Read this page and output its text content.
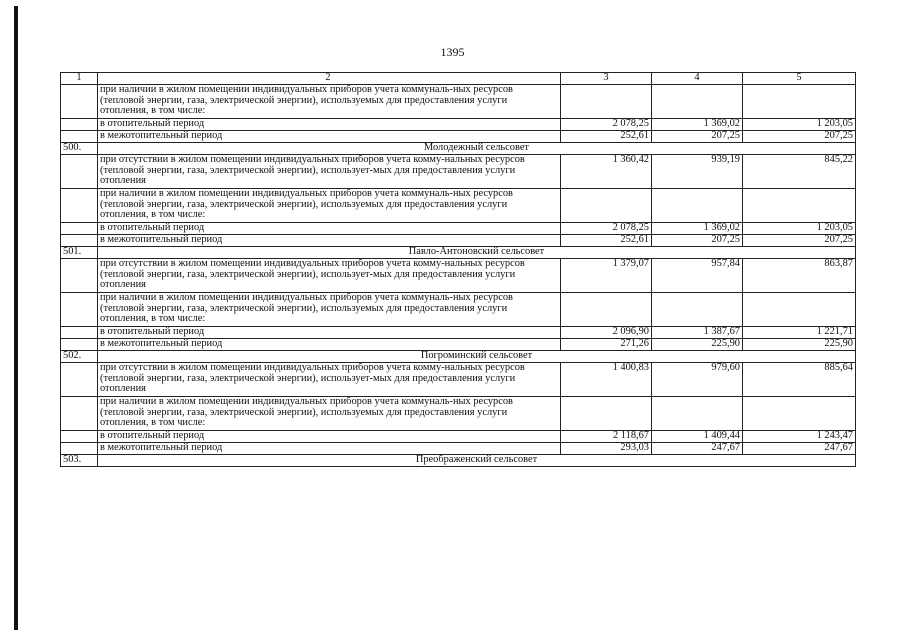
1395
1	2	3	4	5
	при наличии в жилом помещении индивидуальных приборов учета коммуналь-ных ресурсов (тепловой энергии, газа, электрической энергии), используемых для предоставления услуги отопления, в том числе:			
	в отопительный период	2 078,25	1 369,02	1 203,05
	в межотопительный период	252,61	207,25	207,25
500.	Молодежный сельсовет			
	при отсутствии в жилом помещении индивидуальных приборов учета комму-нальных ресурсов (тепловой энергии, газа, электрической энергии), использует-мых для предоставления услуги отопления	1 360,42	939,19	845,22
	при наличии в жилом помещении индивидуальных приборов учета коммуналь-ных ресурсов (тепловой энергии, газа, электрической энергии), используемых для предоставления услуги отопления, в том числе:			
	в отопительный период	2 078,25	1 369,02	1 203,05
	в межотопительный период	252,61	207,25	207,25
501.	Павло-Антоновский сельсовет			
	при отсутствии в жилом помещении индивидуальных приборов учета комму-нальных ресурсов (тепловой энергии, газа, электрической энергии), использует-мых для предоставления услуги отопления	1 379,07	957,84	863,87
	при наличии в жилом помещении индивидуальных приборов учета коммуналь-ных ресурсов (тепловой энергии, газа, электрической энергии), используемых для предоставления услуги отопления, в том числе:			
	в отопительный период	2 096,90	1 387,67	1 221,71
	в межотопительный период	271,26	225,90	225,90
502.	Погроминский сельсовет			
	при отсутствии в жилом помещении индивидуальных приборов учета комму-нальных ресурсов (тепловой энергии, газа, электрической энергии), использует-мых для предоставления услуги отопления	1 400,83	979,60	885,64
	при наличии в жилом помещении индивидуальных приборов учета коммуналь-ных ресурсов (тепловой энергии, газа, электрической энергии), используемых для предоставления услуги отопления, в том числе:			
	в отопительный период	2 118,67	1 409,44	1 243,47
	в межотопительный период	293,03	247,67	247,67
503.	Преображенский сельсовет			
